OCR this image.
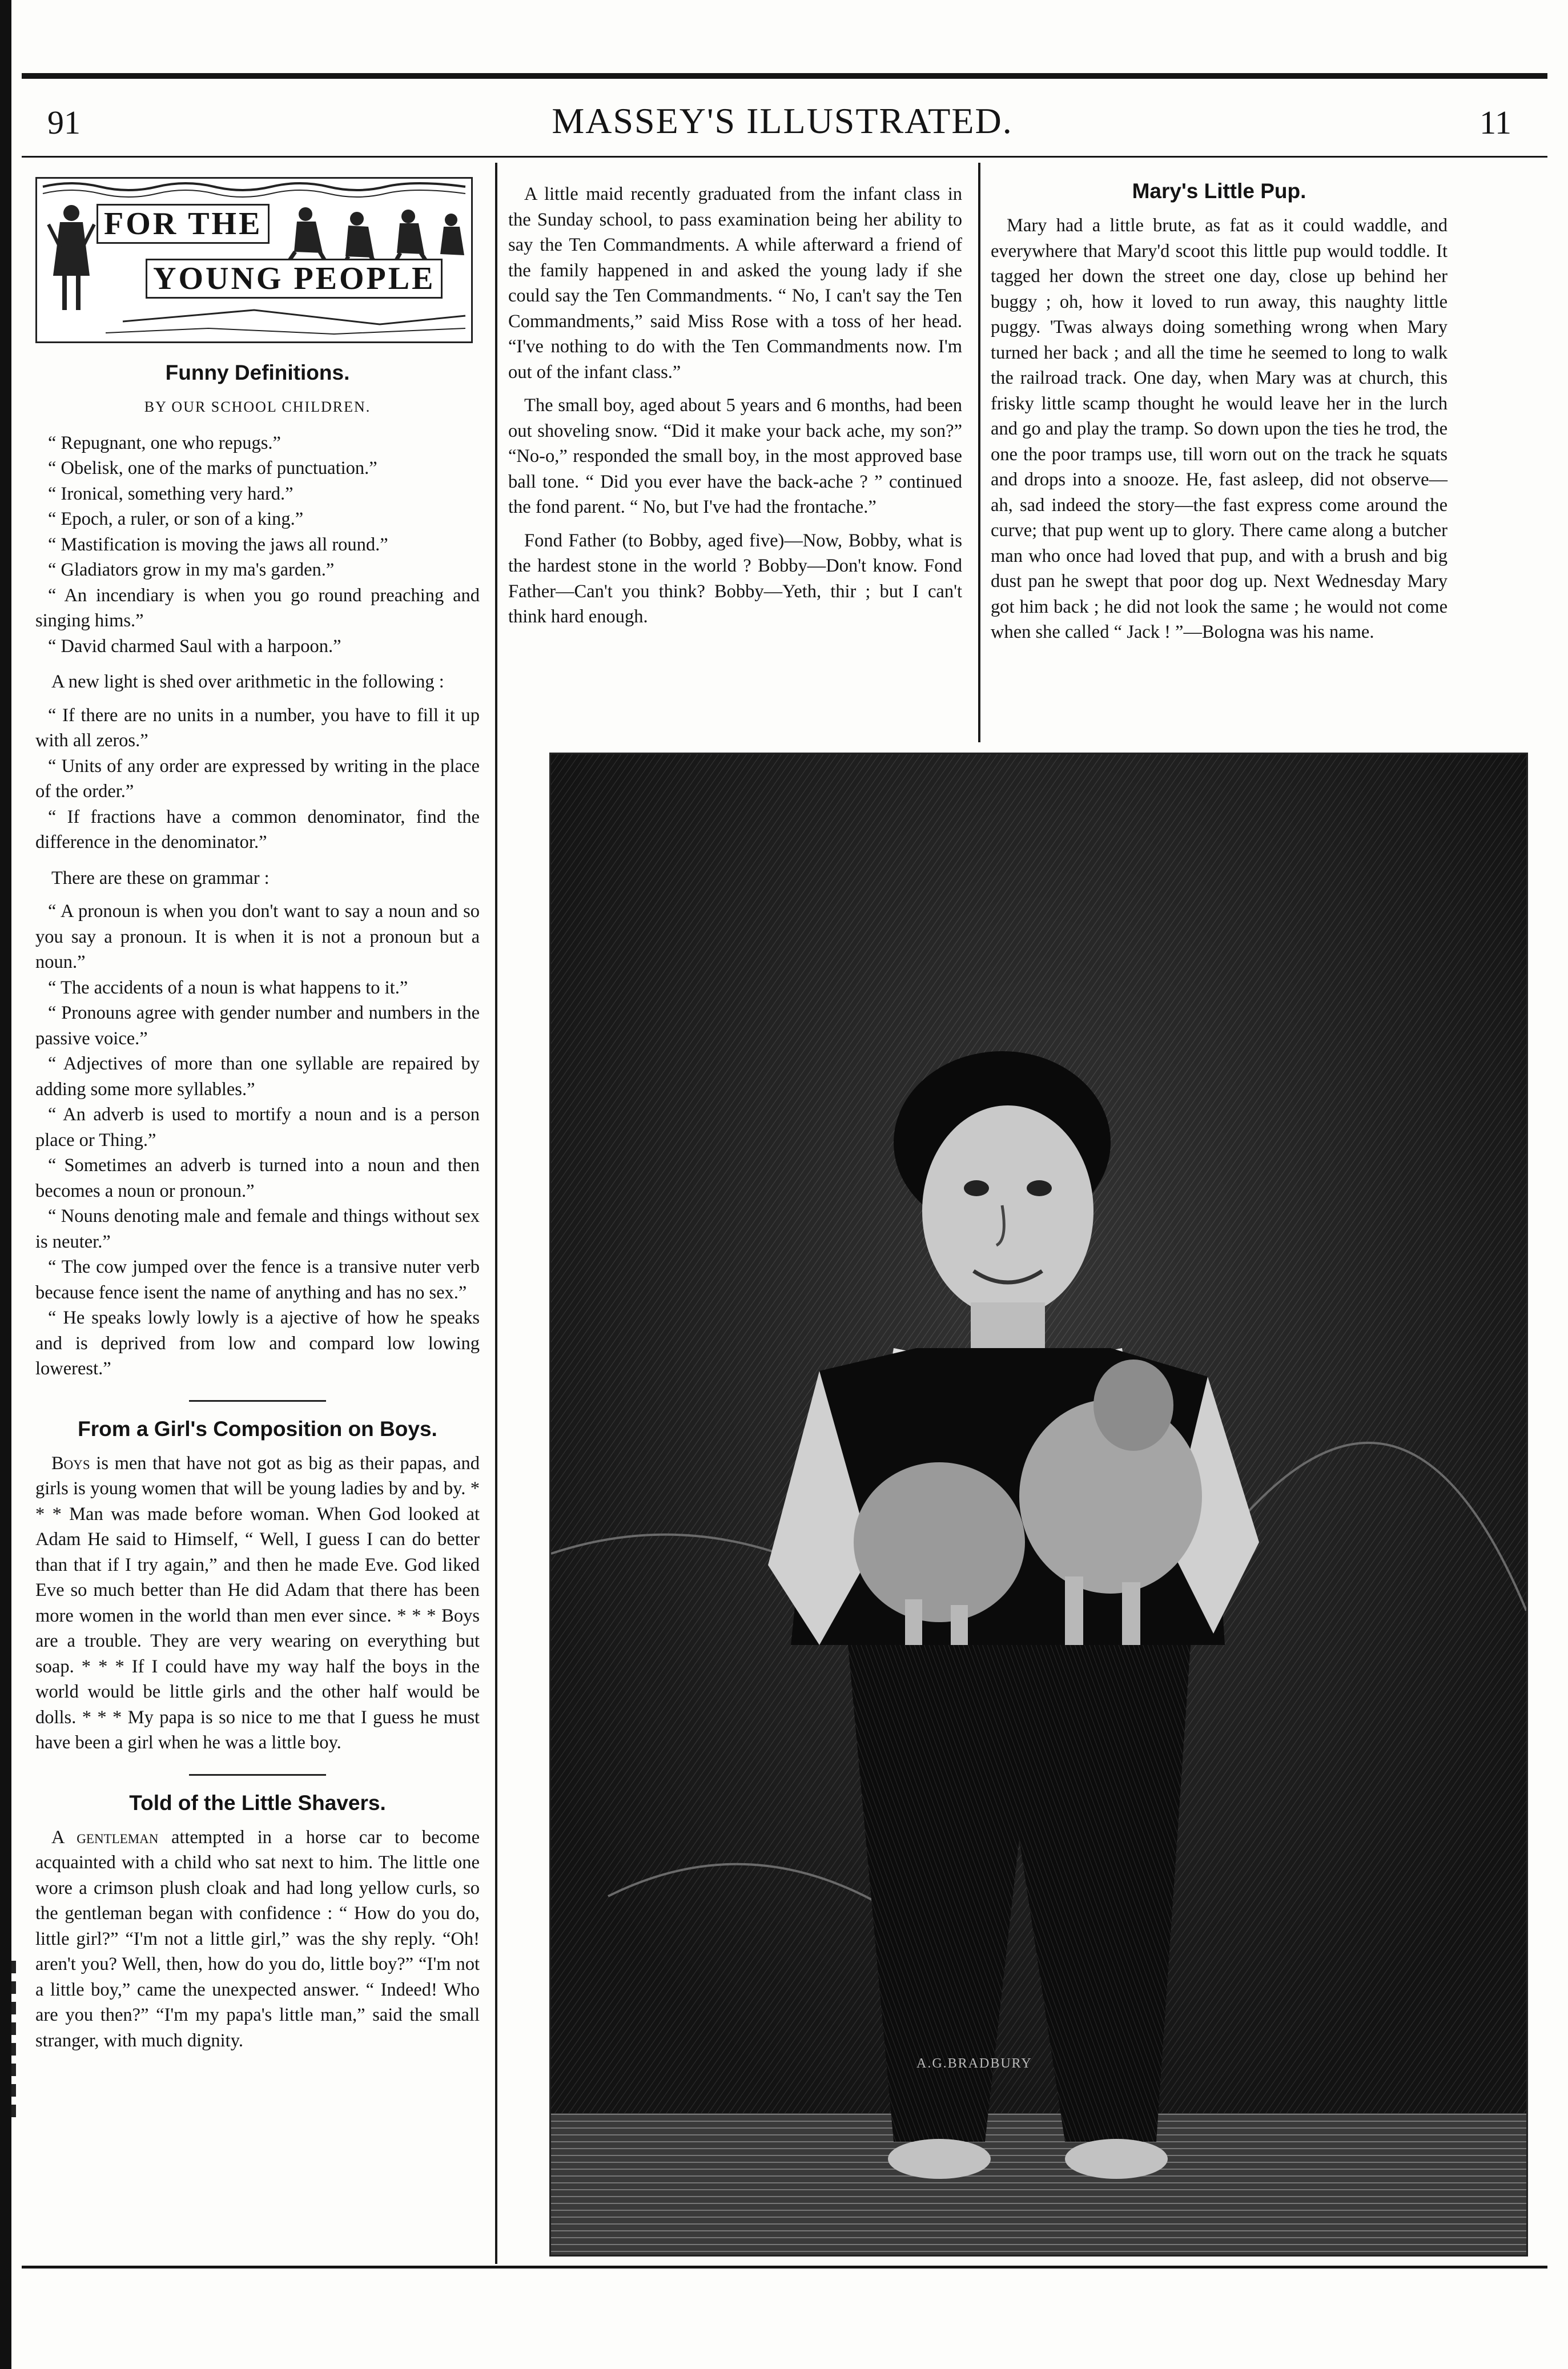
91	MASSEY'S ILLUSTRATED.	11
FOR THE
YOUNG PEOPLE
Funny Definitions.
BY OUR SCHOOL CHILDREN.

“ Repugnant, one who repugs.”

“ Obelisk, one of the marks of punctuation.”

“ Ironical, something very hard.”

“ Epoch, a ruler, or son of a king.”

“ Mastification is moving the jaws all round.”

“ Gladiators grow in my ma's garden.”

“ An incendiary is when you go round preaching and singing hims.”

“ David charmed Saul with a harpoon.”

A new light is shed over arithmetic in the following :

“ If there are no units in a number, you have to fill it up with all zeros.”

“ Units of any order are expressed by writing in the place of the order.”

“ If fractions have a common denominator, find the difference in the denominator.”

There are these on grammar :

“ A pronoun is when you don't want to say a noun and so you say a pronoun. It is when it is not a pronoun but a noun.”

“ The accidents of a noun is what happens to it.”

“ Pronouns agree with gender number and numbers in the passive voice.”

“ Adjectives of more than one syllable are repaired by adding some more syllables.”

“ An adverb is used to mortify a noun and is a person place or Thing.”

“ Sometimes an adverb is turned into a noun and then becomes a noun or pronoun.”

“ Nouns denoting male and female and things without sex is neuter.”

“ The cow jumped over the fence is a transive nuter verb because fence isent the name of anything and has no sex.”

“ He speaks lowly lowly is a ajective of how he speaks and is deprived from low and compard low lowing lowerest.”

From a Girl's Composition on Boys.

Boys is men that have not got as big as their papas, and girls is young women that will be young ladies by and by. * * * Man was made before woman. When God looked at Adam He said to Himself, “ Well, I guess I can do better than that if I try again,” and then he made Eve. God liked Eve so much better than He did Adam that there has been more women in the world than men ever since. * * * Boys are a trouble. They are very wearing on everything but soap. * * * If I could have my way half the boys in the world would be little girls and the other half would be dolls. * * * My papa is so nice to me that I guess he must have been a girl when he was a little boy.

Told of the Little Shavers.

A gentleman attempted in a horse car to become acquainted with a child who sat next to him. The little one wore a crimson plush cloak and had long yellow curls, so the gentleman began with confidence : “ How do you do, little girl?” “I'm not a little girl,” was the shy reply. “Oh! aren't you? Well, then, how do you do, little boy?” “I'm not a little boy,” came the unexpected answer. “ Indeed! Who are you then?” “I'm my papa's little man,” said the small stranger, with much dignity.

A little maid recently graduated from the infant class in the Sunday school, to pass examination being her ability to say the Ten Commandments. A while afterward a friend of the family happened in and asked the young lady if she could say the Ten Commandments. “ No, I can't say the Ten Commandments,” said Miss Rose with a toss of her head. “I've nothing to do with the Ten Commandments now. I'm out of the infant class.”

The small boy, aged about 5 years and 6 months, had been out shoveling snow. “Did it make your back ache, my son?” “No-o,” responded the small boy, in the most approved base ball tone. “ Did you ever have the back-ache ? ” continued the fond parent. “ No, but I've had the frontache.”

Fond Father (to Bobby, aged five)—Now, Bobby, what is the hardest stone in the world ? Bobby—Don't know. Fond Father—Can't you think? Bobby—Yeth, thir ; but I can't think hard enough.

Mary's Little Pup.

Mary had a little brute, as fat as it could waddle, and everywhere that Mary'd scoot this little pup would toddle. It tagged her down the street one day, close up behind her buggy ; oh, how it loved to run away, this naughty little puggy. 'Twas always doing something wrong when Mary turned her back ; and all the time he seemed to long to walk the railroad track. One day, when Mary was at church, this frisky little scamp thought he would leave her in the lurch and go and play the tramp. So down upon the ties he trod, the one the poor tramps use, till worn out on the track he squats and drops into a snooze. He, fast asleep, did not observe—ah, sad indeed the story—the fast express come around the curve; that pup went up to glory. There came along a butcher man who once had loved that pup, and with a brush and big dust pan he swept that poor dog up. Next Wednesday Mary got him back ; he did not look the same ; he would not come when she called “ Jack ! ”—Bologna was his name.

A.G.BRADBURY
